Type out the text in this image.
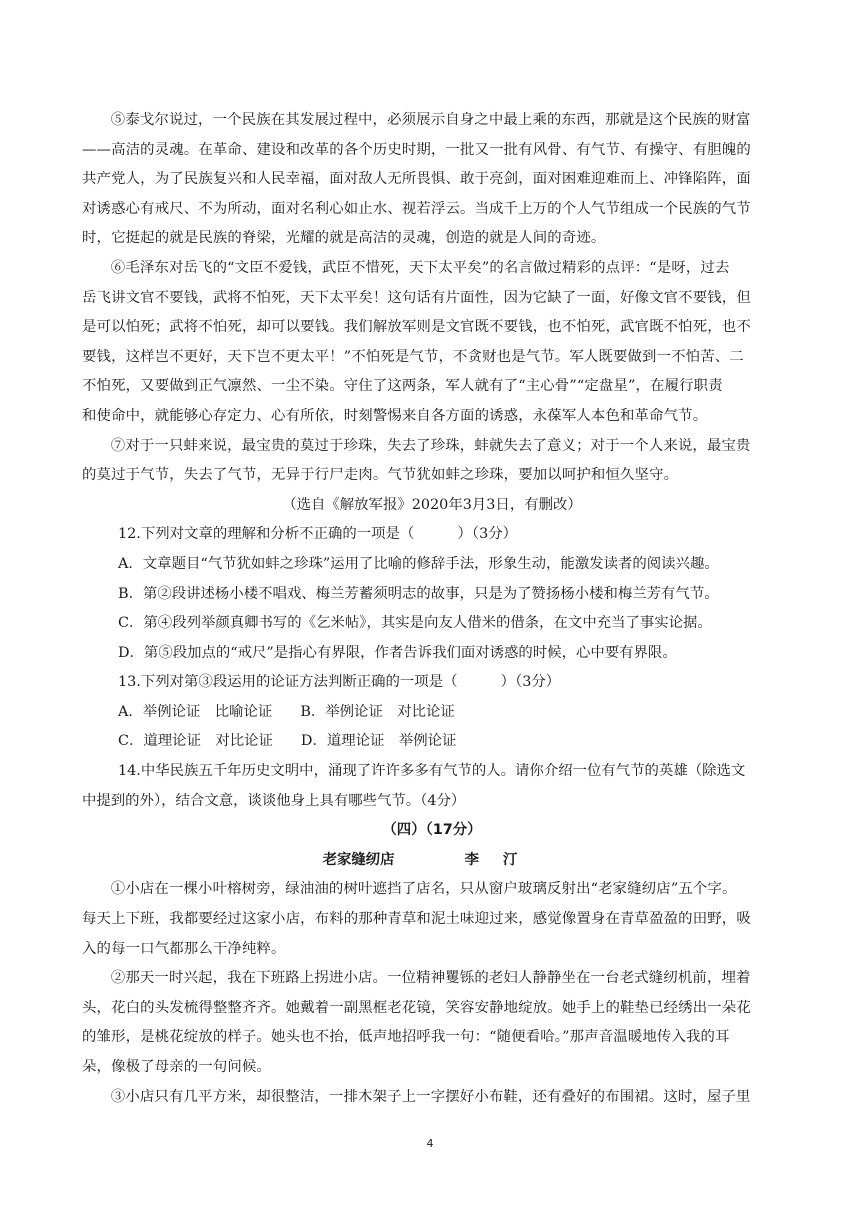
⑤泰戈尔说过，一个民族在其发展过程中，必须展示自身之中最上乘的东西，那就是这个民族的财富
——高洁的灵魂。在革命、建设和改革的各个历史时期，一批又一批有风骨、有气节、有操守、有胆魄的
共产党人，为了民族复兴和人民幸福，面对敌人无所畏惧、敢于亮剑，面对困难迎难而上、冲锋陷阵，面
对诱惑心有戒尺、不为所动，面对名利心如止水、视若浮云。当成千上万的个人气节组成一个民族的气节
时，它挺起的就是民族的脊梁，光耀的就是高洁的灵魂，创造的就是人间的奇迹。

⑥毛泽东对岳飞的“文臣不爱钱，武臣不惜死，天下太平矣”的名言做过精彩的点评：“是呀，过去
岳飞讲文官不要钱，武将不怕死，天下太平矣！这句话有片面性，因为它缺了一面，好像文官不要钱，但
是可以怕死；武将不怕死，却可以要钱。我们解放军则是文官既不要钱，也不怕死，武官既不怕死，也不
要钱，这样岂不更好，天下岂不更太平！”不怕死是气节，不贪财也是气节。军人既要做到一不怕苦、二
不怕死，又要做到正气凛然、一尘不染。守住了这两条，军人就有了“主心骨”“定盘星”，在履行职责
和使命中，就能够心存定力、心有所依，时刻警惕来自各方面的诱惑，永葆军人本色和革命气节。

⑦对于一只蚌来说，最宝贵的莫过于珍珠，失去了珍珠，蚌就失去了意义；对于一个人来说，最宝贵
的莫过于气节，失去了气节，无异于行尸走肉。气节犹如蚌之珍珠，要加以呵护和恒久坚守。

（选自《解放军报》2020年3月3日，有删改）

12.下列对文章的理解和分析不正确的一项是（　　　）（3分）

A．文章题目“气节犹如蚌之珍珠”运用了比喻的修辞手法，形象生动，能激发读者的阅读兴趣。

B．第②段讲述杨小楼不唱戏、梅兰芳蓄须明志的故事，只是为了赞扬杨小楼和梅兰芳有气节。

C．第④段列举颜真卿书写的《乞米帖》，其实是向友人借米的借条，在文中充当了事实论据。

D．第⑤段加点的“戒尺”是指心有界限，作者告诉我们面对诱惑的时候，心中要有界限。

13.下列对第③段运用的论证方法判断正确的一项是（　　　）（3分）

A．举例论证　比喻论证 B．举例论证　对比论证

C．道理论证　对比论证 D．道理论证　举例论证

14.中华民族五千年历史文明中，涌现了许许多多有气节的人。请你介绍一位有气节的英雄（除选文

中提到的外），结合文意，谈谈他身上具有哪些气节。（4分）

（四）（17分）

老家缝纫店	李汀

①小店在一棵小叶榕树旁，绿油油的树叶遮挡了店名，只从窗户玻璃反射出“老家缝纫店”五个字。
每天上下班，我都要经过这家小店，布料的那种青草和泥土味迎过来，感觉像置身在青草盈盈的田野，吸
入的每一口气都那么干净纯粹。

②那天一时兴起，我在下班路上拐进小店。一位精神矍铄的老妇人静静坐在一台老式缝纫机前，埋着
头，花白的头发梳得整整齐齐。她戴着一副黑框老花镜，笑容安静地绽放。她手上的鞋垫已经绣出一朵花
的雏形，是桃花绽放的样子。她头也不抬，低声地招呼我一句：“随便看哈。”那声音温暖地传入我的耳
朵，像极了母亲的一句问候。

③小店只有几平方米，却很整洁，一排木架子上一字摆好小布鞋，还有叠好的布围裙。这时，屋子里

4
